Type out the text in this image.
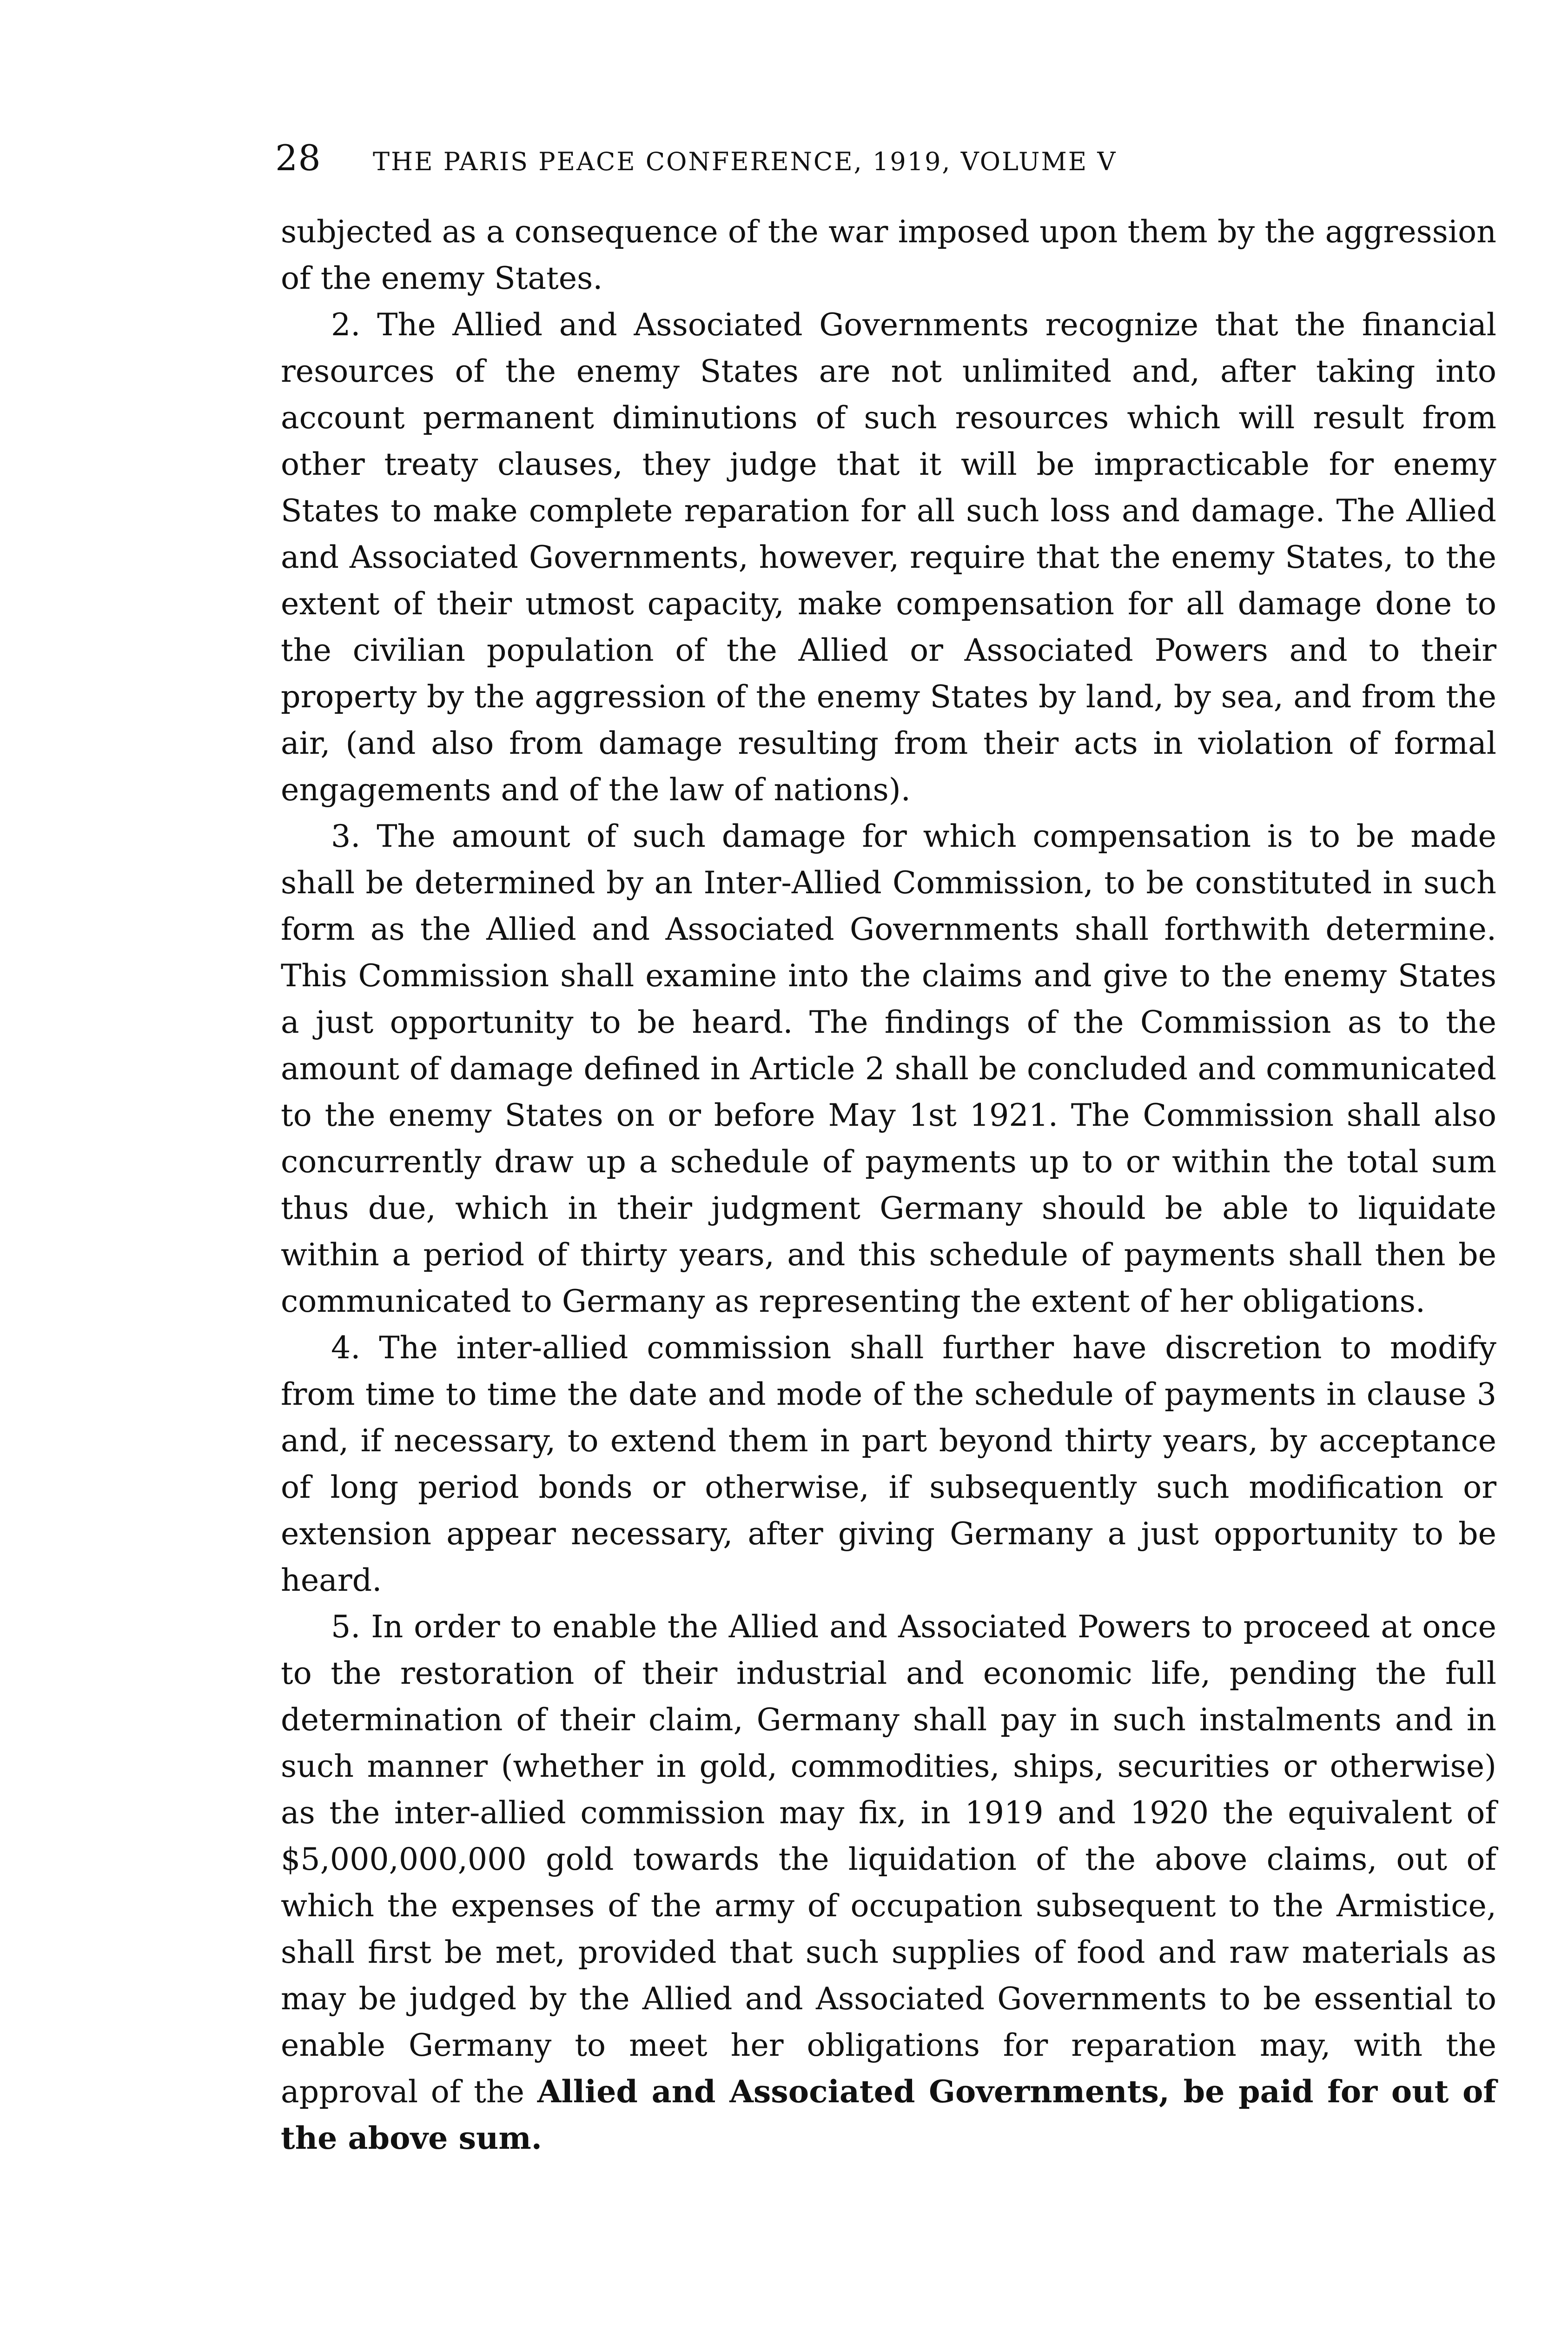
28	THE PARIS PEACE CONFERENCE, 1919, VOLUME V

subjected as a consequence of the war imposed upon them by the aggression of the enemy States.

2. The Allied and Associated Governments recognize that the financial resources of the enemy States are not unlimited and, after taking into account permanent diminutions of such resources which will result from other treaty clauses, they judge that it will be impracticable for enemy States to make complete reparation for all such loss and damage. The Allied and Associated Governments, however, require that the enemy States, to the extent of their utmost capacity, make compensation for all damage done to the civilian population of the Allied or Associated Powers and to their property by the aggression of the enemy States by land, by sea, and from the air, (and also from damage resulting from their acts in violation of formal engagements and of the law of nations).

3. The amount of such damage for which compensation is to be made shall be determined by an Inter-Allied Commission, to be constituted in such form as the Allied and Associated Governments shall forthwith determine. This Commission shall examine into the claims and give to the enemy States a just opportunity to be heard. The findings of the Commission as to the amount of damage defined in Article 2 shall be concluded and communicated to the enemy States on or before May 1st 1921. The Commission shall also concurrently draw up a schedule of payments up to or within the total sum thus due, which in their judgment Germany should be able to liquidate within a period of thirty years, and this schedule of payments shall then be communicated to Germany as representing the extent of her obligations.

4. The inter-allied commission shall further have discretion to modify from time to time the date and mode of the schedule of payments in clause 3 and, if necessary, to extend them in part beyond thirty years, by acceptance of long period bonds or otherwise, if subsequently such modification or extension appear necessary, after giving Germany a just opportunity to be heard.

5. In order to enable the Allied and Associated Powers to proceed at once to the restoration of their industrial and economic life, pending the full determination of their claim, Germany shall pay in such instalments and in such manner (whether in gold, commodities, ships, securities or otherwise) as the inter-allied commission may fix, in 1919 and 1920 the equivalent of $5,000,000,000 gold towards the liquidation of the above claims, out of which the expenses of the army of occupation subsequent to the Armistice, shall first be met, provided that such supplies of food and raw materials as may be judged by the Allied and Associated Governments to be essential to enable Germany to meet her obligations for reparation may, with the approval of the Allied and Associated Governments, be paid for out of the above sum.
